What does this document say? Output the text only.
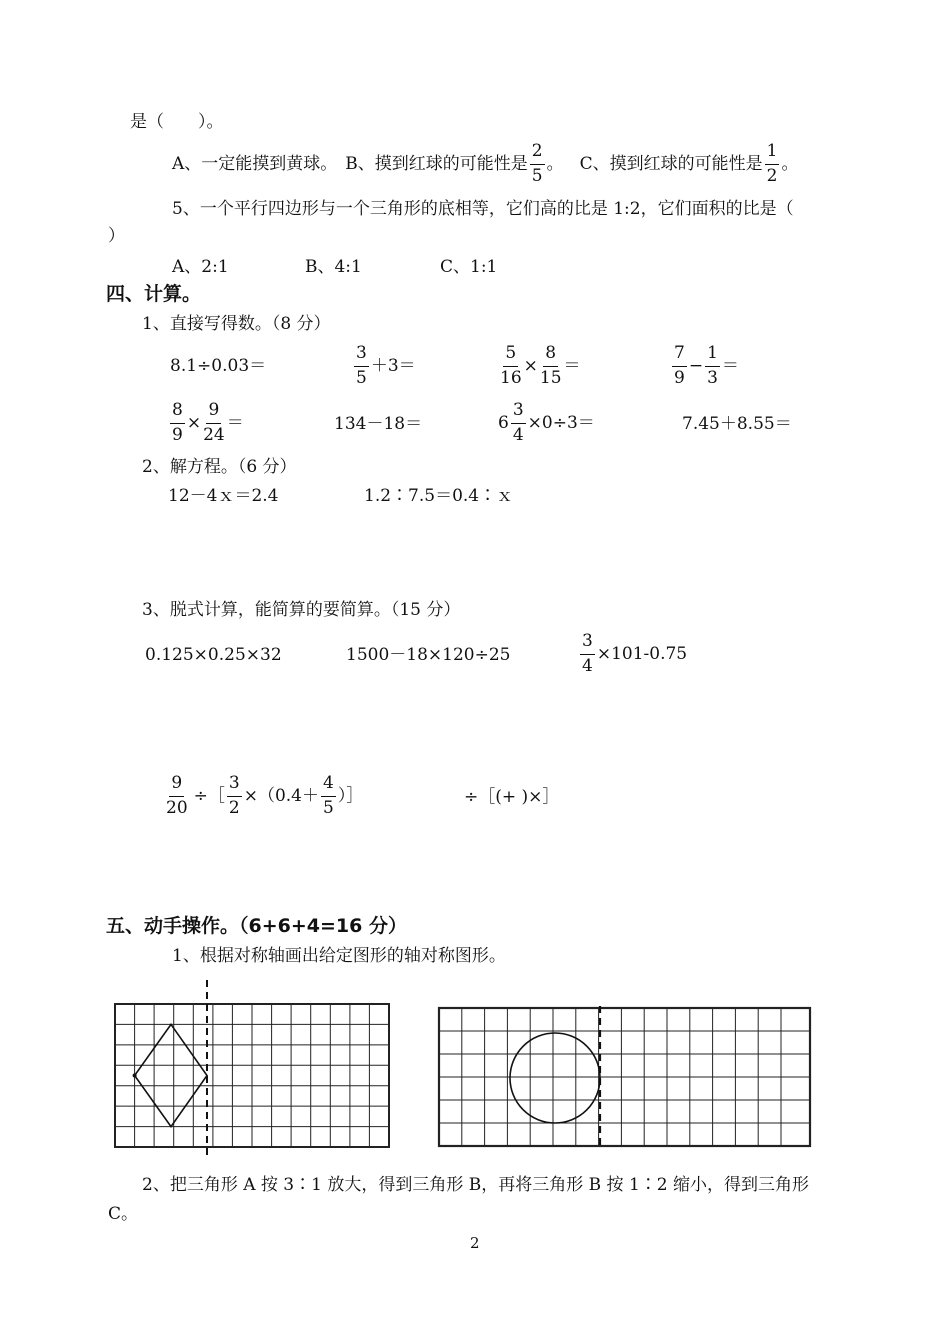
是（　　）。
A、一定能摸到黄球。 B、摸到红球的可能性是 $\frac{2}{5}$ 。 C、摸到红球的可能性是 $\frac{1}{2}$ 。
5、一个平行四边形与一个三角形的底相等，它们高的比是 1:2，它们面积的比是（
）
A、2:1	B、4:1	C、1:1
四、计算。
1、直接写得数。（8 分）
8.1÷0.03＝	$\frac{3}{5} +3=$	$\frac{5}{16} \times \frac{8}{15}$ ＝	$\frac{7}{9} - \frac{1}{3}$ ＝
$\frac{8}{9} \times \frac{9}{24}$ ＝	134－18＝	$6 \frac{3}{4} \times 0\div 3=$	7.45＋8.55＝
2、解方程。（6 分）
12－4ｘ＝2.4	1.2∶7.5＝0.4∶ｘ
3、脱式计算，能简算的要简算。（15 分）
0.125×0.25×32	1500－18×120÷25	$\frac{3}{4} \times 101-0.75$
$\frac{9}{20}$ ÷［ $\frac{3}{2} \times(0.4+ \frac{4}{5}$ ）］	÷［(+ )×］
五、动手操作。（6+6+4=16 分）
1、根据对称轴画出给定图形的轴对称图形。
2、把三角形 A 按 3∶1 放大，得到三角形 B，再将三角形 B 按 1∶2 缩小，得到三角形
C。
2
